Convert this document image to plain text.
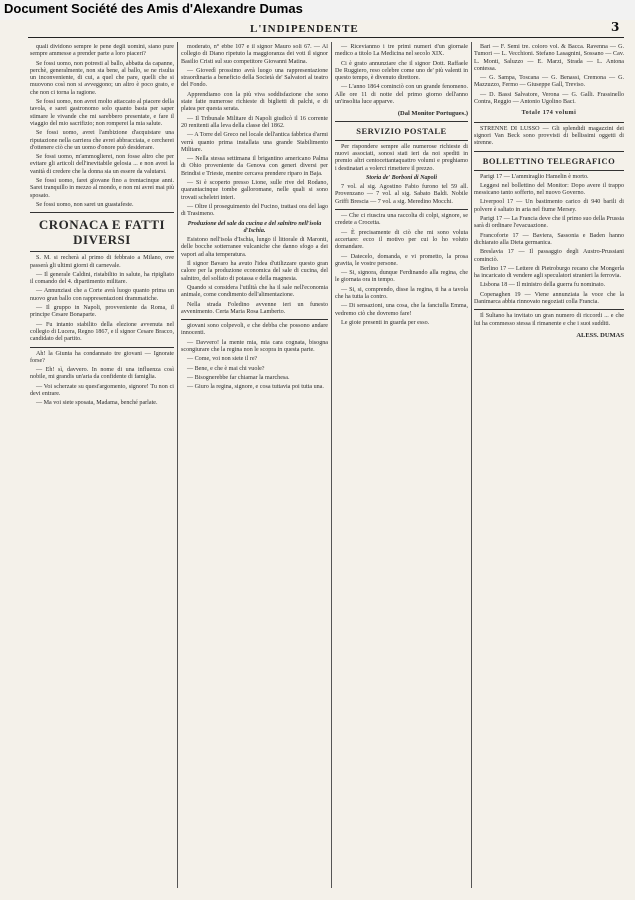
Document Société des Amis d'Alexandre Dumas
L'INDIPENDENTE	3

quali dividono sempre le pene degli uomini, siano pure sempre ammesse a prender parte a loro piaceri?

Se fossi uomo, non potresti al ballo, abbatta da capanne, perchè, generalmente, non sta bene, al ballo, se ne risulta un inconveniente, di cui, a quel che pare, quelli che si muovono così non si avveggono; un altro è poco grato, e che non ci torna la ragione.

Se fossi uomo, non avrei molto attaccato al piacere della tavola, e sarei gastronomo solo quanto basta per saper stimare le vivande che mi sarebbero presentate, e fare il viaggio del mio sacrifizio; non romperei la mia salute.

Se fossi uomo, avrei l'ambizione d'acquistare una riputazione nella carriera che avrei abbracciata, e cercherei d'ottenere ciò che un uomo d'onore può desiderare.

Se fossi uomo, m'ammoglierei, non fosse altro che per evitare gli articoli dell'inevitabile gelosia ... e non avrei la vanità di credere che la donna sia un essere da valutarsi.

Se fossi uomo, farei giovane fino a trentacinque anni. Sarei tranquillo in mezzo al mondo, e non mi avrei mai più sposato.

Se fossi uomo, non sarei un guastafeste.

CRONACA E FATTI DIVERSI

S. M. si recherà al primo di febbraio a Milano, ove passerà gli ultimi giorni di carnevale.

— Il generale Caldini, ristabilito in salute, ha ripigliato il comando del 4. dipartimento militare.

— Annunziasi che a Corte avrà luogo quanto prima un nuovo gran ballo con rappresentazioni drammatiche.

— Il gruppo in Napoli, provveniente da Roma, il principe Cesare Bonaparte.

— Fu intanto stabilito della elezione avvenuta nel collegio di Lucera, Regno 1867, e il signor Cesare Bracco, candidato del partito.

Ah! la Giunta ha condannato tre giovani — Ignorate forse?

— Eh! sì, davvero. In nome di una influenza così nobile, mi grandis un'aria da confidente di famiglia.

— Voi scherzate su quest'argomento, signore! Tu non ci devi entrare.

— Ma voi siete sposata, Madama, benché parlate.

moderato, n° ebbe 107 e il signor Mauro soli 67. — Al collegio di Diano ripetuto la maggioranza dei voti il signor Basilio Cristi sul suo competitore Giovanni Matina.

— Giovedì prossimo avrà luogo una rappresentazione straordinaria a beneficio della Società de' Salvatori al teatro del Fondo.

Apprendiamo con la più viva soddisfazione che sono state fatte numerose richieste di biglietti di palchi, e di platea per questa serata.

— Il Tribunale Militare di Napoli giudicò il 16 corrente 20 renitenti alla leva della classe del 1862.

— A Torre del Greco nel locale dell'antica fabbrica d'armi verrà quanto prima installata una grande Stabilimento Militare.

— Nella stessa settimana il brigantino americano Palma di Ohio proveniente da Genova con generi diversi per Brindisi e Trieste, mentre cercava prendere riparo in Baja.

— Si è scoperto presso Lione, sulle rive del Rodano, quarantacinque tombe galloromane, nelle quali si sono trovati scheletri interi.

— Oltre il proseguimento del Fucino, trattasi ora del lago di Trasimeno.

Produzione del sale da cucina e del salnitro nell'isola d'Ischia.

Esistono nell'isola d'Ischia, lungo il littorale di Maronti, delle bocche sotterranee vulcaniche che danno sfogo a dei vapori ad alta temperatura.

Il signor Bavaro ha avuto l'idea d'utilizzare questo gran calore per la produzione economica del sale di cucina, del salnitro, del solfato di potassa e della magnesia.

Quando si considera l'utilità che ha il sale nell'economia animale, come condimento dell'alimentazione.

Nella strada Foledino avvenne ieri un funesto avvenimento. Certa Maria Rosa Lamberto.

giovani sono colpevoli, e che debba che possono andare innocenti.

— Davvero! la mente mia, mia cara cognata, bisogna scongiurare che la regina non le scopra in questa parte.

— Come, voi non siete il re?

— Bene, e che è mai chi vuole?

— Bisognerebbe far chiamar la marchesa.

— Giuro la regina, signore, e cosa tuttavia poi tutta una.

— Ricevianmo i tre primi numeri d'un giornale medico a titolo La Medicina nel secolo XIX.

Ci è grato annunziare che il signor Dott. Raffaele De Ruggiero, reso celebre come uno de' più valenti in questo tempo, è divenuto direttore.

— L'anno 1864 cominciò con un grande fenomeno. Alle ore 11 di notte del primo giorno dell'anno un'insolita luce apparve.

(Dal Monitor Portugues.)
SERVIZIO POSTALE

Per rispondere sempre alle numerose richieste di nuovi associati, sonosi stati ieri da noi spediti in premio altri centocettantaquattro volumi e preghiamo i destinatari a volerci rimettere il prezzo.

Storia de' Borboni di Napoli

7 vol. al sig. Agostino Fabio furono tel 59 all. Provenzano — 7 vol. al sig. Sabato Baldi. Nobile Griffi Brescia — 7 vol. a sig. Meredino Mocchi.

— Che ci riuscira una raccolta di colpi, signore, se credete a Crocetta.

— È precisamente di ciò che mi sono voluta accertare: ecco il motivo per cui lo ho voluto domandare.

— Datecelo, domanda, e vi prometto, la prosa gravita, le vostre persone.

— Si, signora, dunque Ferdinando alla regina, che le giornata ora in tempo.

— Si, si, comprendo, disse la regina, ti ha a tavola che ha tutta la contro.

— Di sensazioni, una cosa, che la fanciulla Emma, vedremo ciò che dovremo fare!

Le gioie presenti in guarda per esso.

Bari — F. Semi tre. coloro vol. & Bacca. Ravenna — G. Tumori — L. Vecchioni. Stefano Lasagnini, Sossano — Cav. L. Monti, Saluzzo — E. Marzi, Strada — L. Antona contessa.

— G. Sampa, Toscana — G. Benassi, Cremona — G. Mazzuzzo, Fermo — Giuseppe Gall, Treviso.

— D. Bassi Salvatore, Verona — G. Galli. Frassinello Contra, Reggio — Antonio Ugolino Baci.

Totale 174 volumi

STRENNE DI LUSSO — Gli splendidi magazzini dei signori Van Beck sono provvisti di bellissimi oggetti di strenne.

BOLLETTINO TELEGRAFICO

Parigi 17 — L'ammiraglio Hamelin è morto.

Leggesi nel bollettino del Monitor: Dopo avere il trappo messicano tanto sofferto, nel nuovo Governo.

Liverpool 17 — Un bastimento carico di 940 barili di polvere è saltato in aria nel fiume Mersey.

Parigi 17 — La Francia deve che il primo suo della Prussia sarà di ordinare l'evacuazione.

Francoforte 17 — Baviera, Sassonia e Baden hanno dichiarato alla Dieta germanica.

Breslavia 17 — Il passaggio degli Austro-Prussiani cominciò.

Berlino 17 — Lettere di Pietroburgo recano che Mongerla ha incaricato di vendere agli speculatori stranieri la ferrovia.

Lisbona 18 — Il ministro della guerra fu nominato.

Copenaghen 19 — Viene annunziata la voce che la Danimarca abbia rinnovato negoziati colla Francia.

Il Sultano ha invitato un gran numero di riccordi ... e che lui ha commesso stessa il rimanente e che i suoi sudditi.

ALESS. DUMAS
